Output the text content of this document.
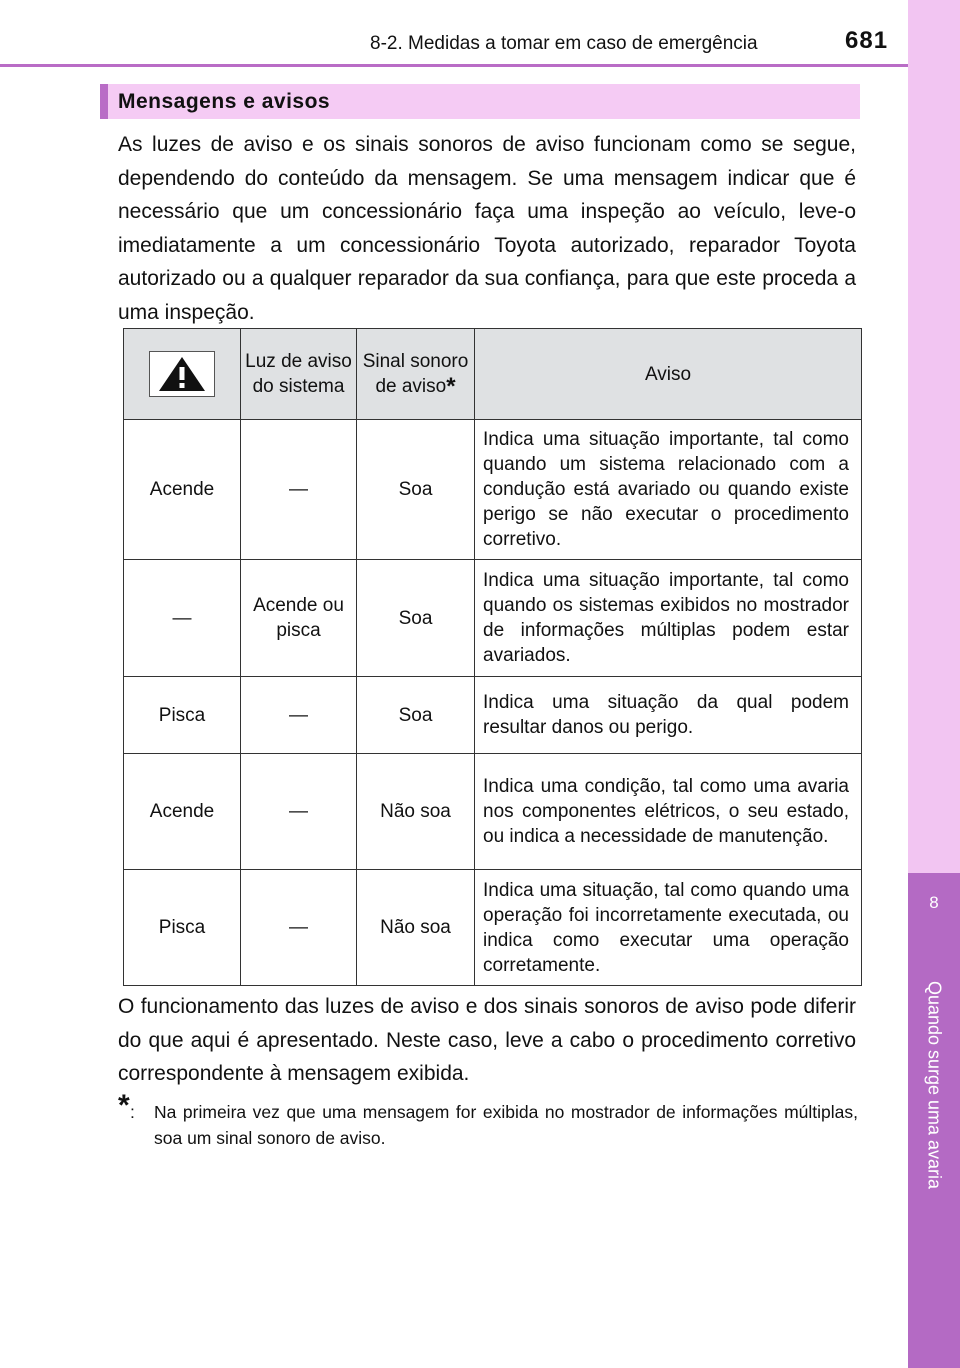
8-2. Medidas a tomar em caso de emergência	681
8
Quando surge uma avaria
Mensagens e avisos

As luzes de aviso e os sinais sonoros de aviso funcionam como se segue, dependendo do conteúdo da mensagem. Se uma mensagem indicar que é necessário que um concessionário faça uma inspeção ao veículo, leve-o imediatamente a um concessionário Toyota autorizado, reparador Toyota autorizado ou a qualquer reparador da sua confiança, para que este proceda a uma inspeção.

	Luz de aviso do sistema	Sinal sonoro de aviso*	Aviso
Acende	—	Soa	Indica uma situação importante, tal como quando um sistema relacionado com a condução está avariado ou quando existe perigo se não executar o procedimento corretivo.
—	Acende ou pisca	Soa	Indica uma situação importante, tal como quando os sistemas exibidos no mostrador de informações múltiplas podem estar avariados.
Pisca	—	Soa	Indica uma situação da qual podem resultar danos ou perigo.
Acende	—	Não soa	Indica uma condição, tal como uma avaria nos componentes elétricos, o seu estado, ou indica a necessidade de manutenção.
Pisca	—	Não soa	Indica uma situação, tal como quando uma operação foi incorretamente executada, ou indica como executar uma operação corretamente.

O funcionamento das luzes de aviso e dos sinais sonoros de aviso pode diferir do que aqui é apresentado. Neste caso, leve a cabo o procedimento corretivo correspondente à mensagem exibida.

* : Na primeira vez que uma mensagem for exibida no mostrador de informações múltiplas, soa um sinal sonoro de aviso.
